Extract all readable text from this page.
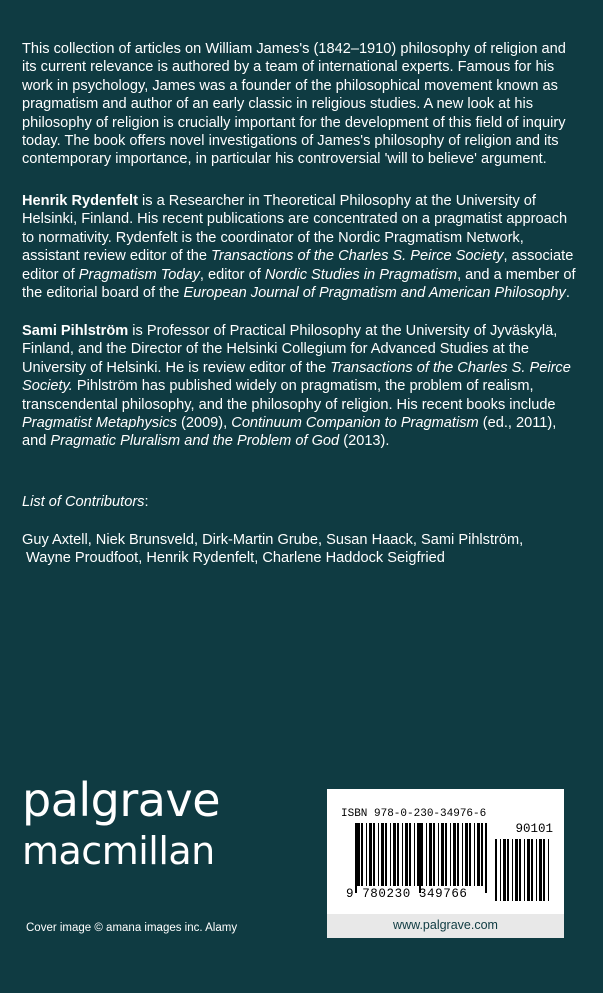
This collection of articles on William James's (1842–1910) philosophy of religion and its current relevance is authored by a team of international experts. Famous for his work in psychology, James was a founder of the philosophical movement known as pragmatism and author of an early classic in religious studies. A new look at his philosophy of religion is crucially important for the development of this field of inquiry today. The book offers novel investigations of James's philosophy of religion and its contemporary importance, in particular his controversial 'will to believe' argument.

Henrik Rydenfelt is a Researcher in Theoretical Philosophy at the University of Helsinki, Finland. His recent publications are concentrated on a pragmatist approach to normativity. Rydenfelt is the coordinator of the Nordic Pragmatism Network, assistant review editor of the Transactions of the Charles S. Peirce Society, associate editor of Pragmatism Today, editor of Nordic Studies in Pragmatism, and a member of the editorial board of the European Journal of Pragmatism and American Philosophy.

Sami Pihlström is Professor of Practical Philosophy at the University of Jyväskylä, Finland, and the Director of the Helsinki Collegium for Advanced Studies at the University of Helsinki. He is review editor of the Transactions of the Charles S. Peirce Society. Pihlström has published widely on pragmatism, the problem of realism, transcendental philosophy, and the philosophy of religion. His recent books include Pragmatist Metaphysics (2009), Continuum Companion to Pragmatism (ed., 2011), and Pragmatic Pluralism and the Problem of God (2013).

List of Contributors:

Guy Axtell, Niek Brunsveld, Dirk-Martin Grube, Susan Haack, Sami Pihlström,
Wayne Proudfoot, Henrik Rydenfelt, Charlene Haddock Seigfried

palgrave
macmillan
Cover image © amana images inc. Alamy
ISBN 978-0-230-34976-6
90101
9 780230 349766
www.palgrave.com
